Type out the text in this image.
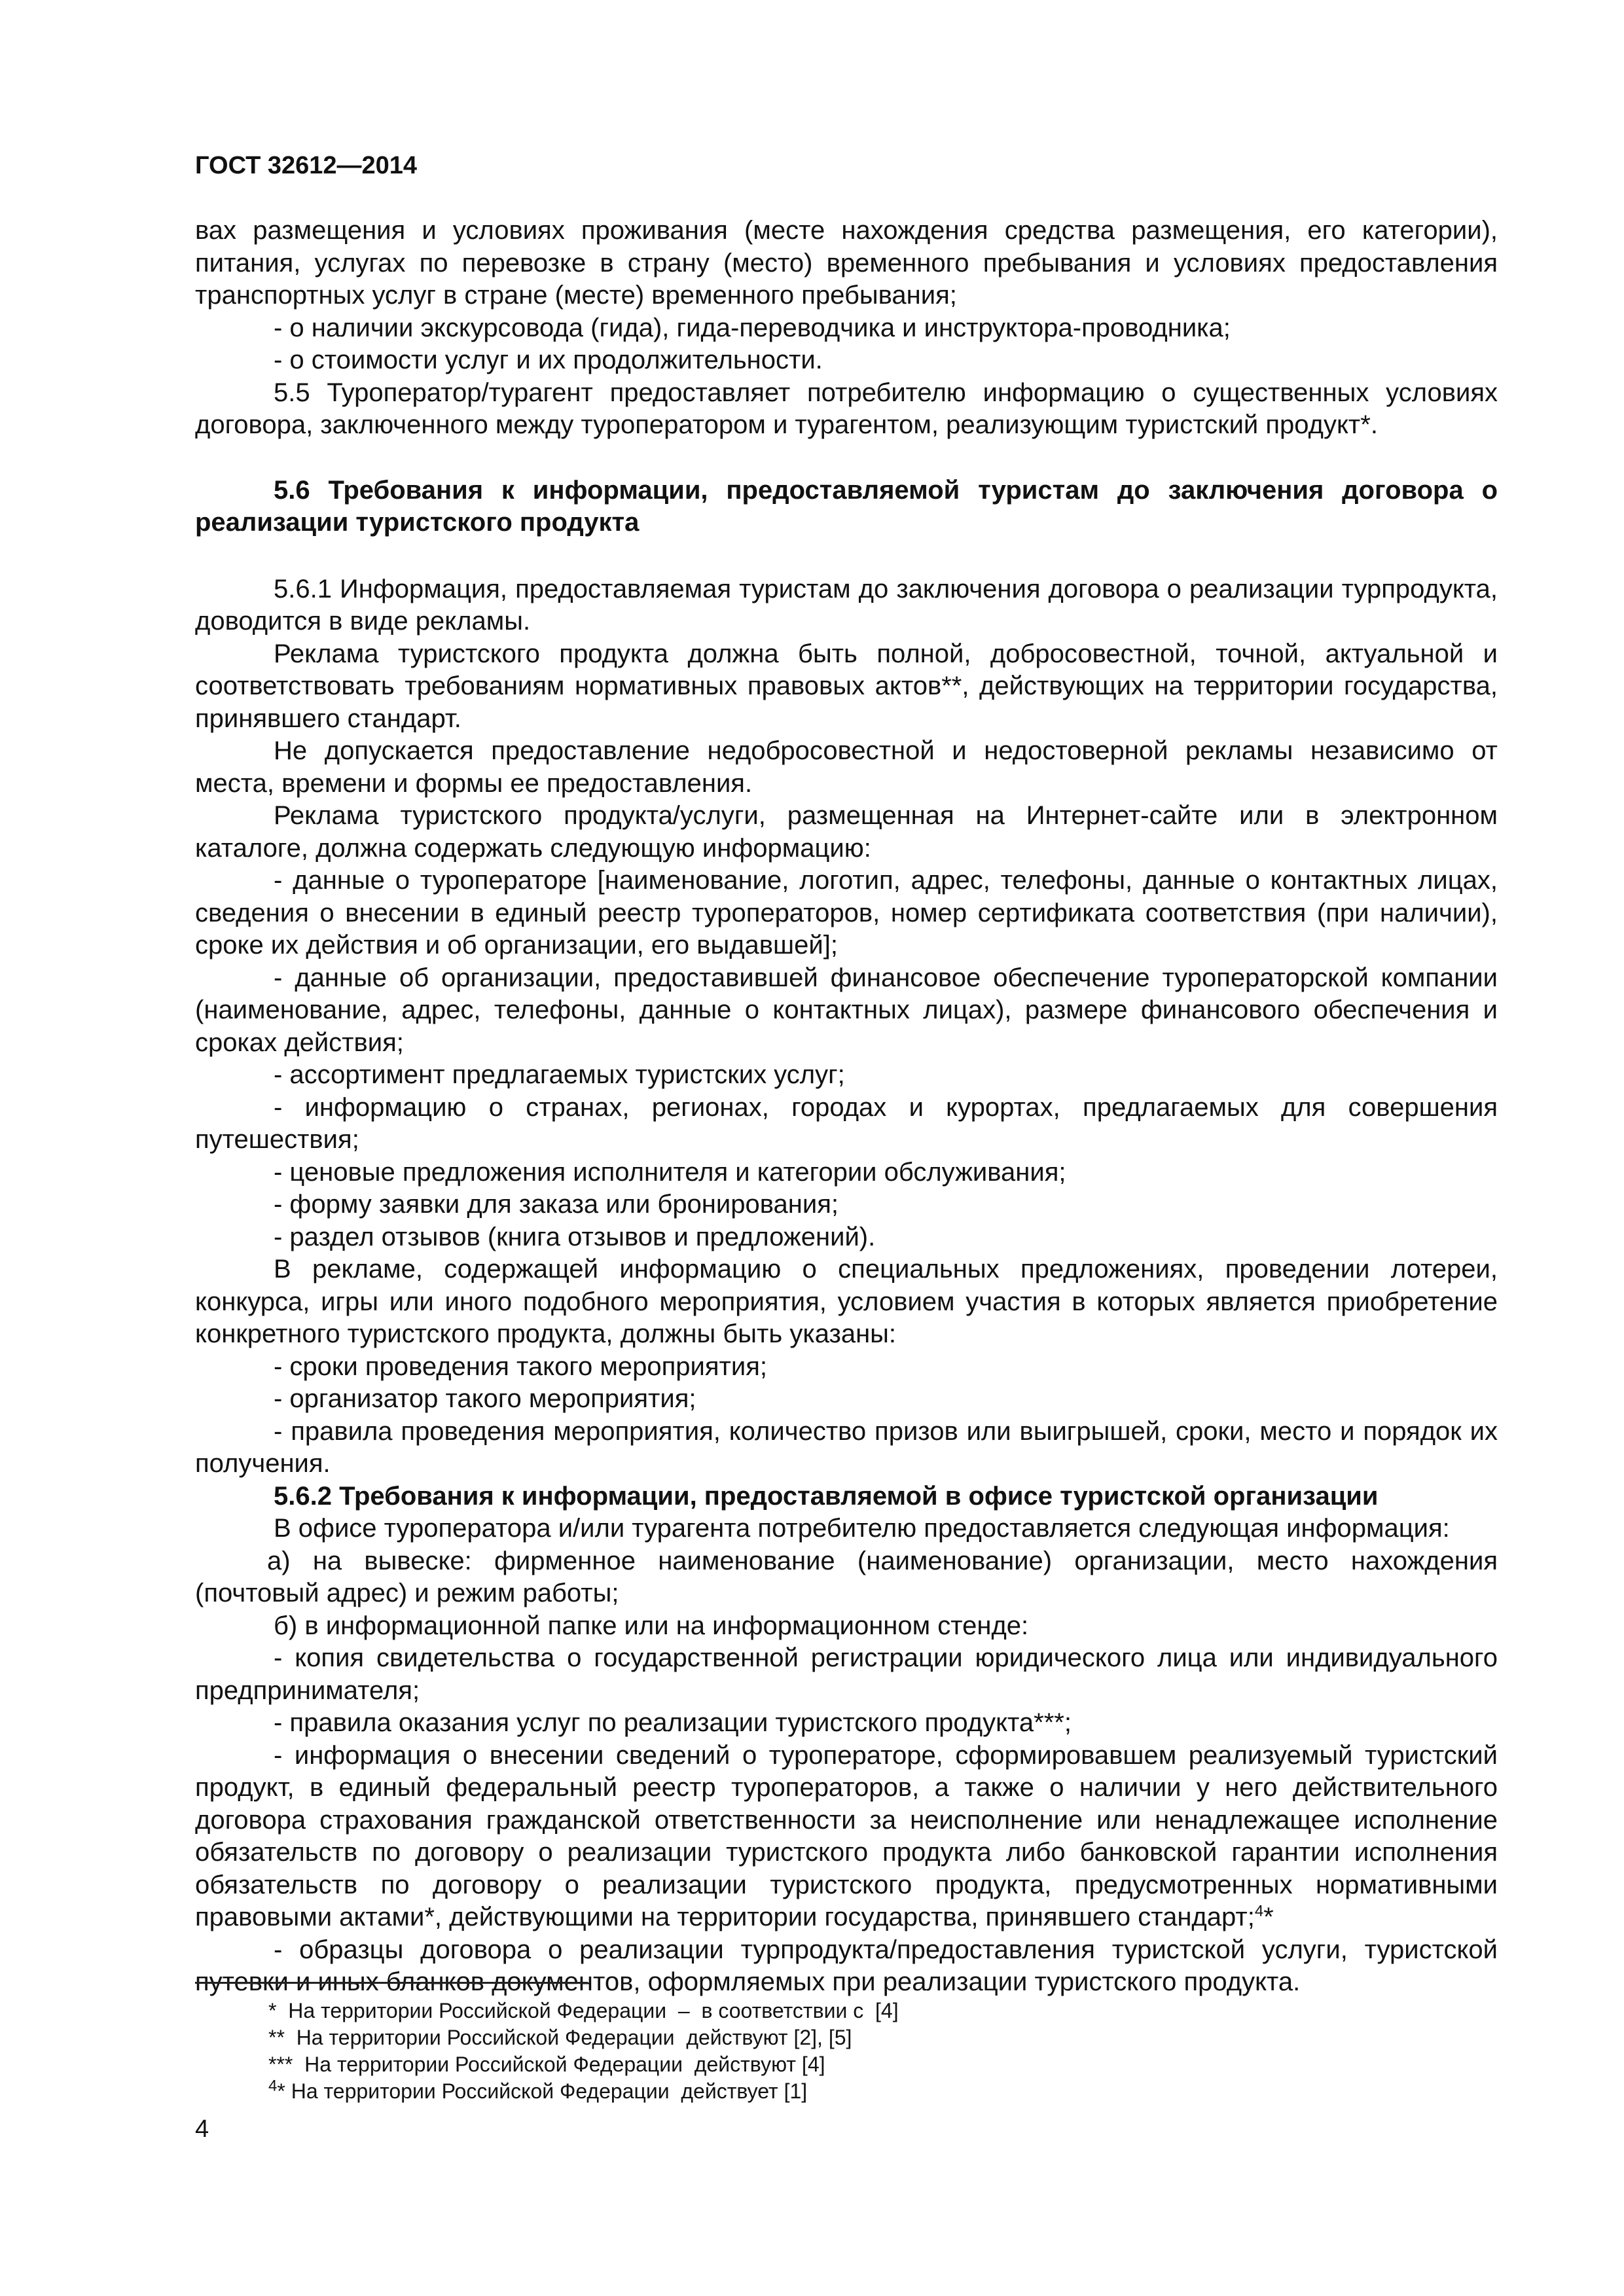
ГОСТ 32612—2014

вах размещения и условиях проживания (месте нахождения средства размещения, его категории), питания, услугах по перевозке в страну (место) временного пребывания и условиях предоставления транспортных услуг в стране (месте) временного пребывания;

- о наличии экскурсовода (гида), гида-переводчика и инструктора-проводника;

- о стоимости услуг и их продолжительности.

5.5 Туроператор/турагент предоставляет потребителю информацию о существенных условиях договора, заключенного между туроператором и турагентом, реализующим туристский продукт*.

5.6 Требования к информации, предоставляемой туристам до заключения договора о реализации туристского продукта

5.6.1 Информация, предоставляемая туристам до заключения договора о реализации турпродукта, доводится в виде рекламы.

Реклама туристского продукта должна быть полной, добросовестной, точной, актуальной и соответствовать требованиям нормативных правовых актов**, действующих на территории государства, принявшего стандарт.

Не допускается предоставление недобросовестной и недостоверной рекламы независимо от места, времени и формы ее предоставления.

Реклама туристского продукта/услуги, размещенная на Интернет-сайте или в электронном каталоге, должна содержать следующую информацию:

- данные о туроператоре [наименование, логотип, адрес, телефоны, данные о контактных лицах, сведения о внесении в единый реестр туроператоров, номер сертификата соответствия (при наличии), сроке их действия и об организации, его выдавшей];

- данные об организации, предоставившей финансовое обеспечение туроператорской компании (наименование, адрес, телефоны, данные о контактных лицах), размере финансового обеспечения и сроках действия;

- ассортимент предлагаемых туристских услуг;

- информацию о странах, регионах, городах и курортах, предлагаемых для совершения путешествия;

- ценовые предложения исполнителя и категории обслуживания;

- форму заявки для заказа или бронирования;

- раздел отзывов (книга отзывов и предложений).

В рекламе, содержащей информацию о специальных предложениях, проведении лотереи, конкурса, игры или иного подобного мероприятия, условием участия в которых является приобретение конкретного туристского продукта, должны быть указаны:

- сроки проведения такого мероприятия;

- организатор такого мероприятия;

- правила проведения мероприятия, количество призов или выигрышей, сроки, место и порядок их получения.

5.6.2 Требования к информации, предоставляемой в офисе туристской организации

В офисе туроператора и/или турагента потребителю предоставляется следующая информация:

а) на вывеске: фирменное наименование (наименование) организации, место нахождения (почтовый адрес) и режим работы;

б) в информационной папке или на информационном стенде:

- копия свидетельства о государственной регистрации юридического лица или индивидуального предпринимателя;

- правила оказания услуг по реализации туристского продукта***;

- информация о внесении сведений о туроператоре, сформировавшем реализуемый туристский продукт, в единый федеральный реестр туроператоров, а также о наличии у него действительного договора страхования гражданской ответственности за неисполнение или ненадлежащее исполнение обязательств по договору о реализации туристского продукта либо банковской гарантии исполнения обязательств по договору о реализации туристского продукта, предусмотренных нормативными правовыми актами*, действующими на территории государства, принявшего стандарт;$^4$*

- образцы договора о реализации турпродукта/предоставления туристской услуги, туристской путевки и иных бланков документов, оформляемых при реализации туристского продукта.

*  На территории Российской Федерации  –  в соответствии с  [4]
**  На территории Российской Федерации  действуют [2], [5]
***  На территории Российской Федерации  действуют [4]
$^4$* На территории Российской Федерации  действует [1]
4
